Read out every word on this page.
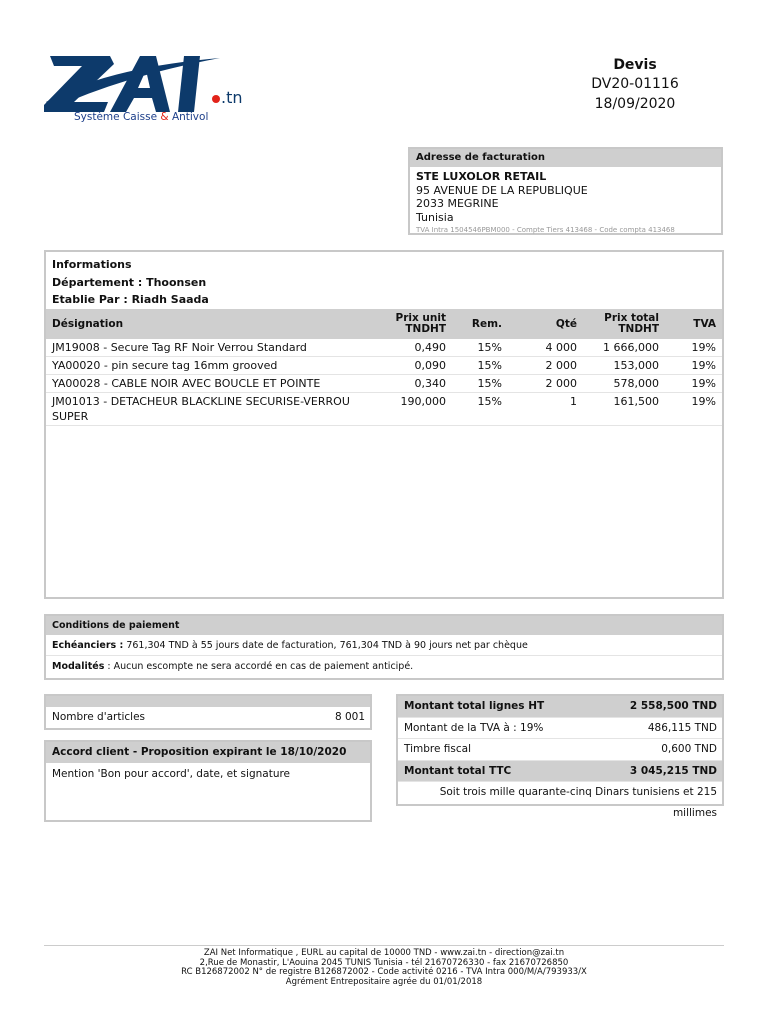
.tn
Système Caisse & Antivol
Devis
DV20-01116
18/09/2020
Adresse de facturation
STE LUXOLOR RETAIL
95 AVENUE DE LA REPUBLIQUE
2033 MEGRINE
Tunisia
TVA Intra 1504546PBM000 - Compte Tiers 413468 - Code compta 413468
Informations
Département : Thoonsen
Etablie Par : Riadh Saada
Désignation	Prix unit TNDHT	Rem.	Qté	Prix total TNDHT	TVA
JM19008 - Secure Tag RF Noir Verrou Standard	0,490	15%	4 000	1 666,000	19%
YA00020 - pin secure tag 16mm grooved	0,090	15%	2 000	153,000	19%
YA00028 - CABLE NOIR AVEC BOUCLE ET POINTE	0,340	15%	2 000	578,000	19%
JM01013 - DETACHEUR BLACKLINE SECURISE-VERROU SUPER	190,000	15%	1	161,500	19%
Conditions de paiement
Echéanciers : 761,304 TND à 55 jours date de facturation, 761,304 TND à 90 jours net par chèque
Modalités : Aucun escompte ne sera accordé en cas de paiement anticipé.
Nombre d'articles	8 001
Accord client - Proposition expirant le 18/10/2020
Mention 'Bon pour accord', date, et signature
Montant total lignes HT	2 558,500 TND
Montant de la TVA à : 19%	486,115 TND
Timbre fiscal	0,600 TND
Montant total TTC	3 045,215 TND
Soit trois mille quarante-cinq Dinars tunisiens et 215 millimes
ZAI Net Informatique , EURL au capital de 10000 TND - www.zai.tn - direction@zai.tn
2,Rue de Monastir, L'Aouina 2045 TUNIS Tunisia - tél 21670726330 - fax 21670726850
RC B126872002 N° de registre B126872002 - Code activité 0216 - TVA Intra 000/M/A/793933/X
Agrément Entrepositaire agrée du 01/01/2018
